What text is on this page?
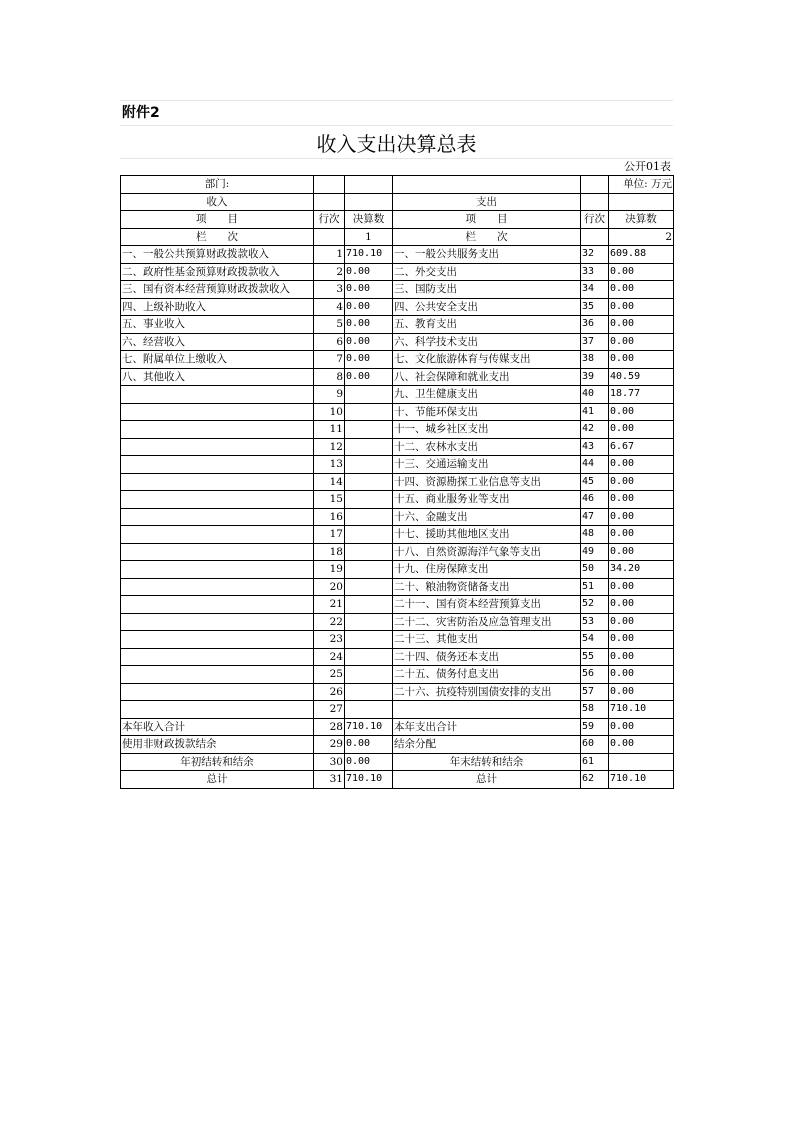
附件2
收入支出决算总表
公开01表
部门:					单位: 万元
收入			支出		
项　　目	行次	决算数	项　　目	行次	决算数
栏　　次		1	栏　　次		2
一、一般公共预算财政拨款收入	1	710.10	一、一般公共服务支出	32	609.88
二、政府性基金预算财政拨款收入	2	0.00	二、外交支出	33	0.00
三、国有资本经营预算财政拨款收入	3	0.00	三、国防支出	34	0.00
四、上级补助收入	4	0.00	四、公共安全支出	35	0.00
五、事业收入	5	0.00	五、教育支出	36	0.00
六、经营收入	6	0.00	六、科学技术支出	37	0.00
七、附属单位上缴收入	7	0.00	七、文化旅游体育与传媒支出	38	0.00
八、其他收入	8	0.00	八、社会保障和就业支出	39	40.59
	9		九、卫生健康支出	40	18.77
	10		十、节能环保支出	41	0.00
	11		十一、城乡社区支出	42	0.00
	12		十二、农林水支出	43	6.67
	13		十三、交通运输支出	44	0.00
	14		十四、资源勘探工业信息等支出	45	0.00
	15		十五、商业服务业等支出	46	0.00
	16		十六、金融支出	47	0.00
	17		十七、援助其他地区支出	48	0.00
	18		十八、自然资源海洋气象等支出	49	0.00
	19		十九、住房保障支出	50	34.20
	20		二十、粮油物资储备支出	51	0.00
	21		二十一、国有资本经营预算支出	52	0.00
	22		二十二、灾害防治及应急管理支出	53	0.00
	23		二十三、其他支出	54	0.00
	24		二十四、债务还本支出	55	0.00
	25		二十五、债务付息支出	56	0.00
	26		二十六、抗疫特别国债安排的支出	57	0.00
	27			58	710.10
本年收入合计	28	710.10	本年支出合计	59	0.00
使用非财政拨款结余	29	0.00	结余分配	60	0.00
年初结转和结余	30	0.00	年末结转和结余	61	
总计	31	710.10	总计	62	710.10
